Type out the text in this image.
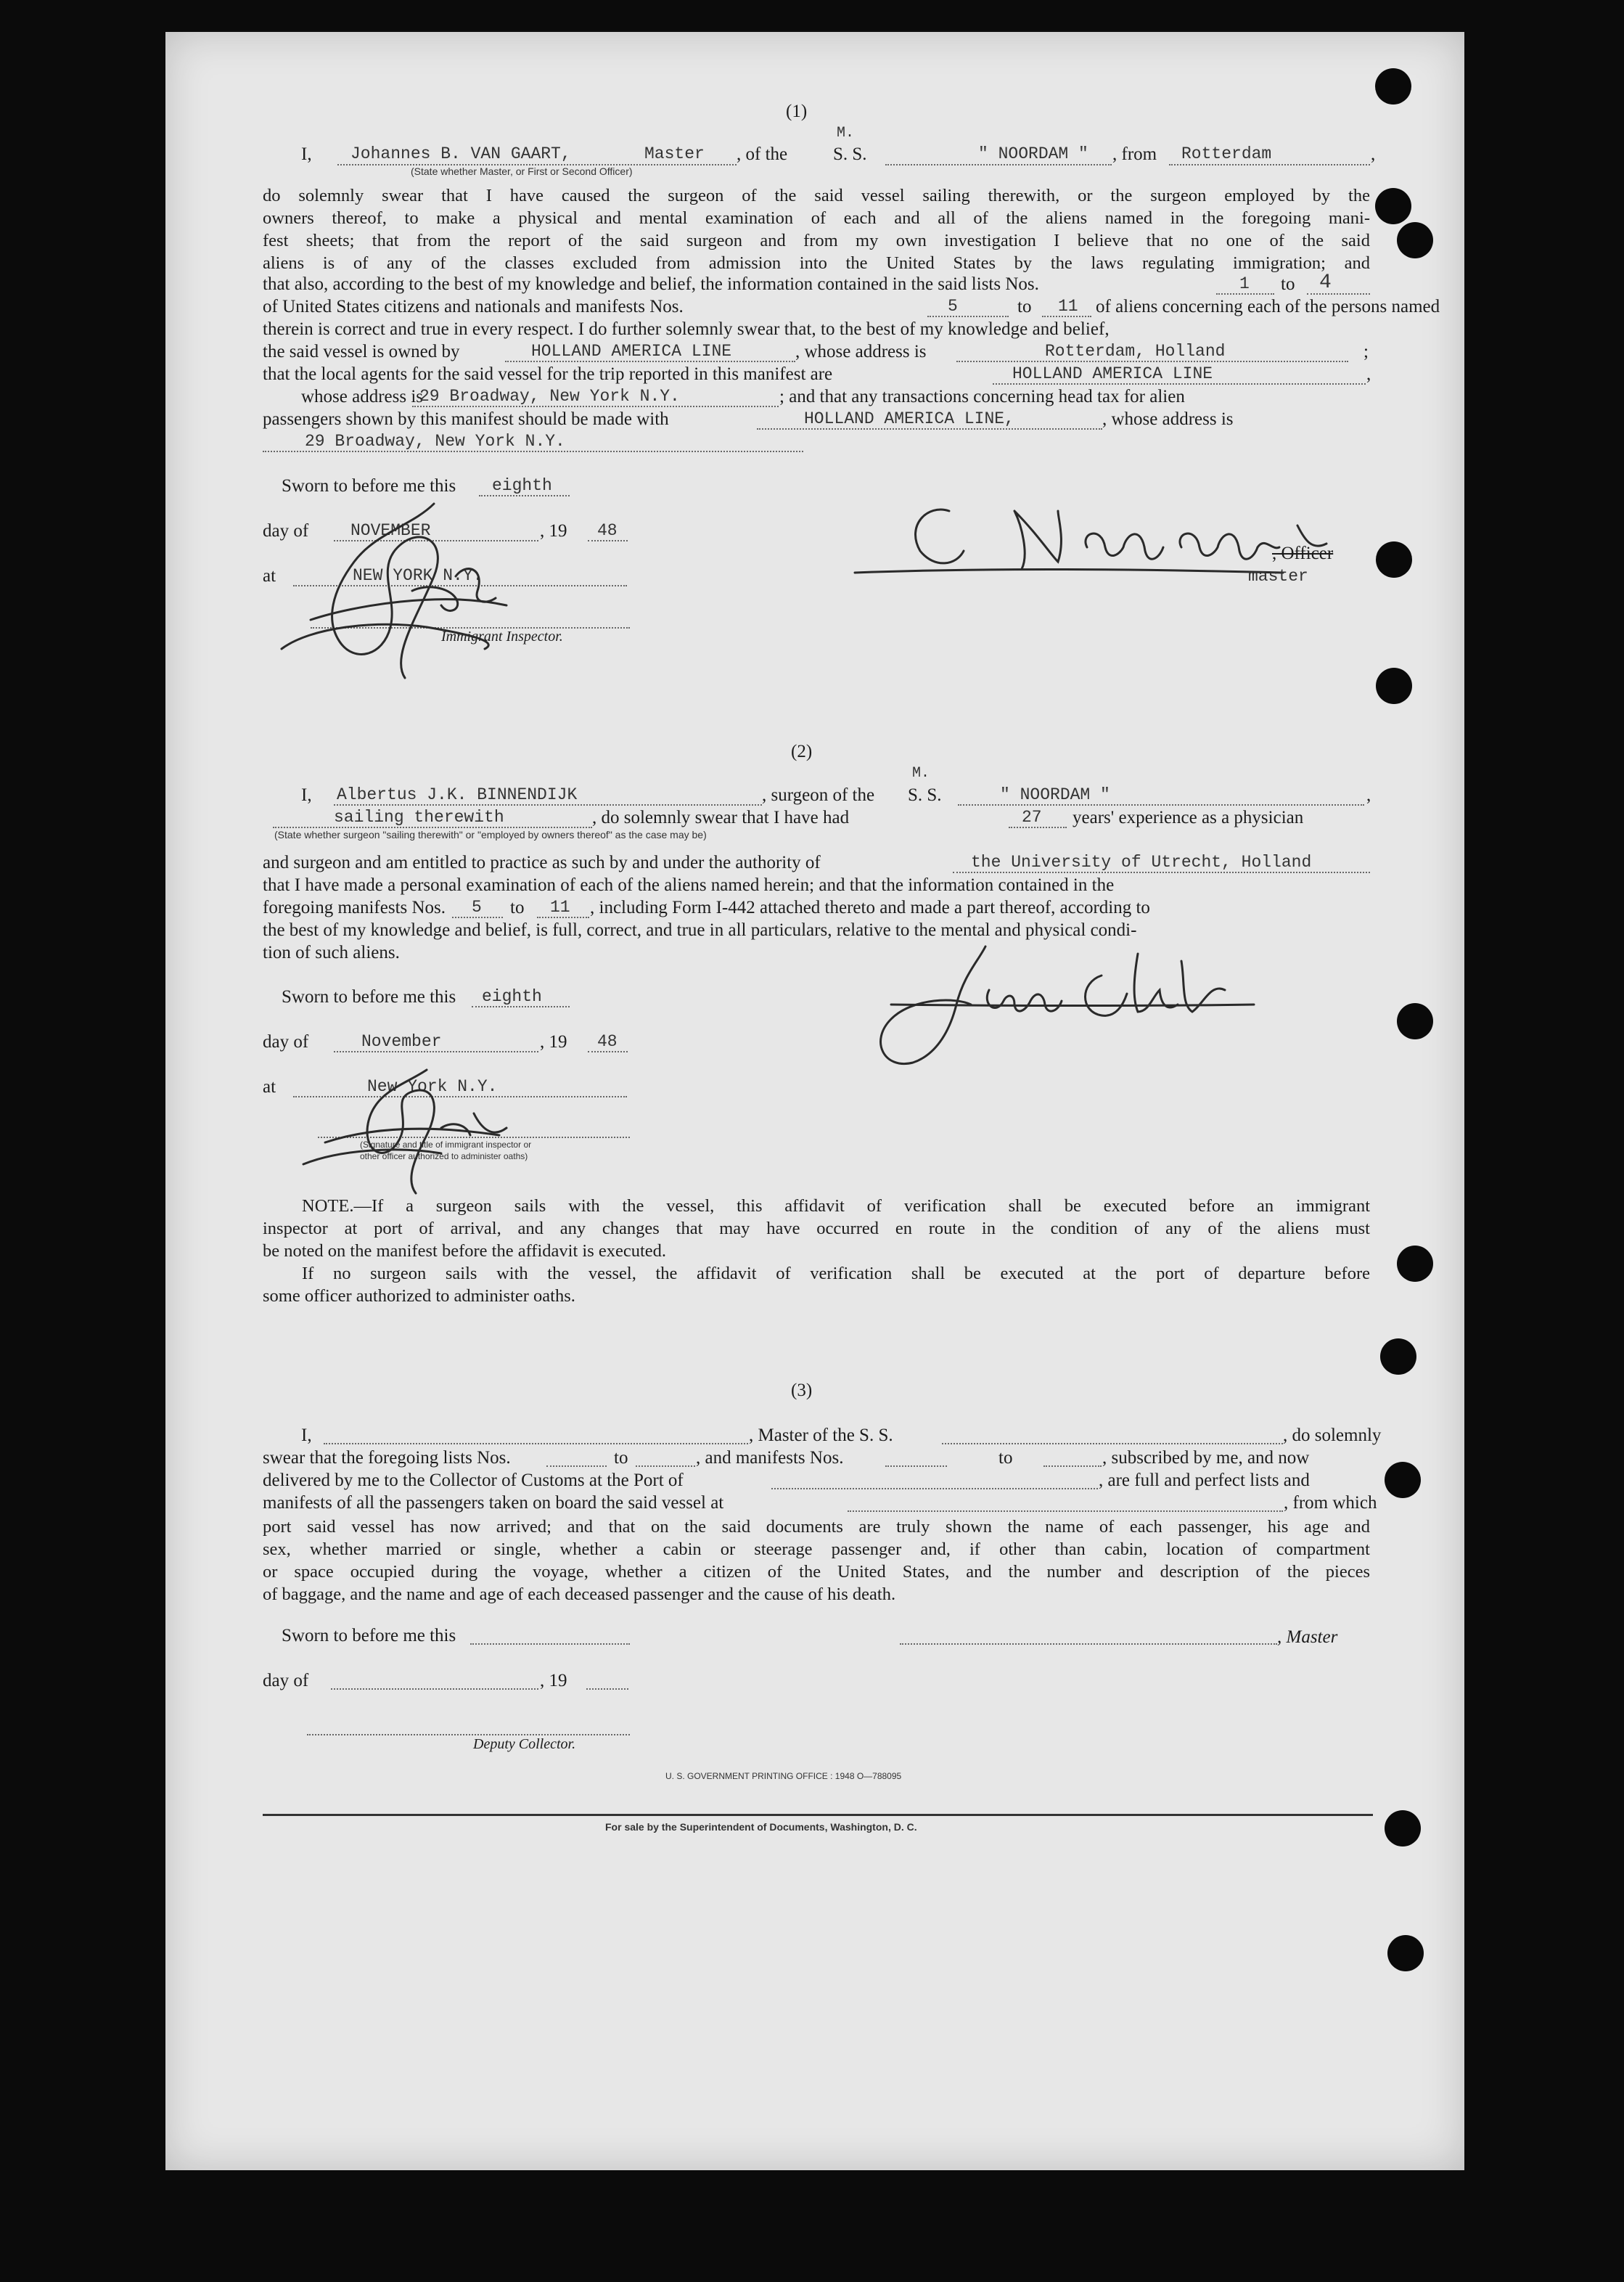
(1)
I, Johannes B. VAN GAART,	Master , of the
M.
S. S.	" NOORDAM " , from Rotterdam	,
(State whether Master, or First or Second Officer)
do solemnly swear that I have caused the surgeon of the said vessel sailing therewith, or the surgeon employed by the
owners thereof, to make a physical and mental examination of each and all of the aliens named in the foregoing mani-
fest sheets; that from the report of the said surgeon and from my own investigation I believe that no one of the said
aliens is of any of the classes excluded from admission into the United States by the laws regulating immigration; and
that also, according to the best of my knowledge and belief, the information contained in the said lists Nos.	1 to 4
of United States citizens and nationals and manifests Nos.	5	to 11 of aliens concerning each of the persons named
therein is correct and true in every respect. I do further solemnly swear that, to the best of my knowledge and belief,
the said vessel is owned by	HOLLAND AMERICA LINE	, whose address is	Rotterdam, Holland	;
that the local agents for the said vessel for the trip reported in this manifest are	HOLLAND AMERICA LINE	,
whose address is
29 Broadway, New York N.Y.	; and that any transactions concerning head tax for alien
passengers shown by this manifest should be made with	HOLLAND AMERICA LINE,	, whose address is
29 Broadway, New York N.Y.
Sworn to before me this eighth
day of	NOVEMBER	, 19 48
at	NEW YORK N.Y.
Immigrant Inspector.
, Officer
master
(2)
I, Albertus J.K. BINNENDIJK	, surgeon of the
M.
S. S.	" NOORDAM "	,
sailing therewith	, do solemnly swear that I have had	27 years' experience as a physician
(State whether surgeon "sailing therewith" or "employed by owners thereof" as the case may be)
and surgeon and am entitled to practice as such by and under the authority of	the University of Utrecht, Holland
that I have made a personal examination of each of the aliens named herein; and that the information contained in the
foregoing manifests Nos. 5 to 11 , including Form I-442 attached thereto and made a part thereof, according to
the best of my knowledge and belief, is full, correct, and true in all particulars, relative to the mental and physical condi-
tion of such aliens.
Sworn to before me this eighth
day of	November	, 19 48
at	New York N.Y.
(Signature and title of immigrant inspector or
other officer authorized to administer oaths)
NOTE.—If a surgeon sails with the vessel, this affidavit of verification shall be executed before an immigrant
inspector at port of arrival, and any changes that may have occurred en route in the condition of any of the aliens must
be noted on the manifest before the affidavit is executed.
If no surgeon sails with the vessel, the affidavit of verification shall be executed at the port of departure before
some officer authorized to administer oaths.
(3)
I,	, Master of the S. S.	, do solemnly
swear that the foregoing lists Nos.	to	, and manifests Nos.	to	, subscribed by me, and now
delivered by me to the Collector of Customs at the Port of	, are full and perfect lists and
manifests of all the passengers taken on board the said vessel at	, from which
port said vessel has now arrived; and that on the said documents are truly shown the name of each passenger, his age and
sex, whether married or single, whether a cabin or steerage passenger and, if other than cabin, location of compartment
or space occupied during the voyage, whether a citizen of the United States, and the number and description of the pieces
of baggage, and the name and age of each deceased passenger and the cause of his death.
Sworn to before me this	, Master
day of	, 19
Deputy Collector.
U. S. GOVERNMENT PRINTING OFFICE : 1948 O—788095
For sale by the Superintendent of Documents, Washington, D. C.
